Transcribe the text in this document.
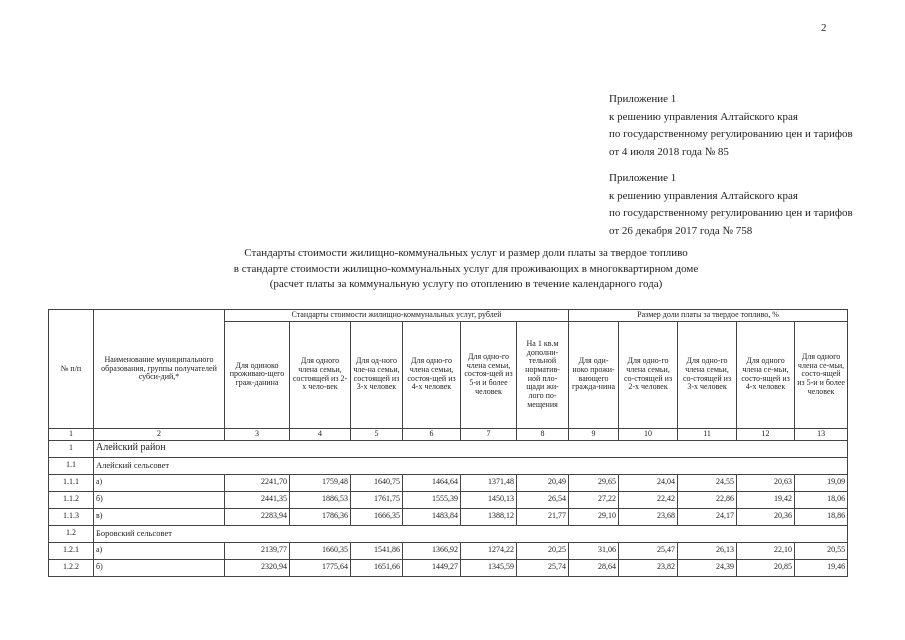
2
Приложение 1
к решению управления Алтайского края
по государственному регулированию цен и тарифов
от 4 июля 2018 года № 85
Приложение 1
к решению управления Алтайского края
по государственному регулированию цен и тарифов
от 26 декабря 2017 года № 758
Стандарты стоимости жилищно-коммунальных услуг и размер доли платы за твердое топливо
в стандарте стоимости жилищно-коммунальных услуг для проживающих в многоквартирном доме
(расчет платы за коммунальную услугу по отоплению в течение календарного года)
№ п/п	Наименование муниципального образования, группы получателей субси-дий,*	Стандарты стоимости жилищно-коммунальных услуг, рублей						Размер доли платы за твердое топливо, %				
		Для одиноко проживаю-щего граж-данина	Для одного члена семьи, состоящей из 2-х чело-век	Для од-ного чле-на семьи, состоящей из 3-х человек	Для одно-го члена семьи, состоя-щей из 4-х человек	Для одно-го члена семьи, состоя-щей из 5-и и более человек	На 1 кв.м дополни-тельной норматив-ной пло-щади жи-лого по-мещения	Для оди-ноко прожи-вающего гражда-нина	Для одно-го члена семьи, со-стоящей из 2-х человек	Для одно-го члена семьи, со-стоящей из 3-х человек	Для одного члена се-мьи, состо-ящей из 4-х человек	Для одного члена се-мьи, состо-ящей из 5-и и более человек
1	2	3	4	5	6	7	8	9	10	11	12	13
1	Алейский район											
1.1	Алейский сельсовет											
1.1.1	а)	2241,70	1759,48	1640,75	1464,64	1371,48	20,49	29,65	24,04	24,55	20,63	19,09
1.1.2	б)	2441,35	1886,53	1761,75	1555,39	1450,13	26,54	27,22	22,42	22,86	19,42	18,06
1.1.3	в)	2283,94	1786,36	1666,35	1483,84	1388,12	21,77	29,10	23,68	24,17	20,36	18,86
1.2	Боровский сельсовет											
1.2.1	а)	2139,77	1660,35	1541,86	1366,92	1274,22	20,25	31,06	25,47	26,13	22,10	20,55
1.2.2	б)	2320,94	1775,64	1651,66	1449,27	1345,59	25,74	28,64	23,82	24,39	20,85	19,46
